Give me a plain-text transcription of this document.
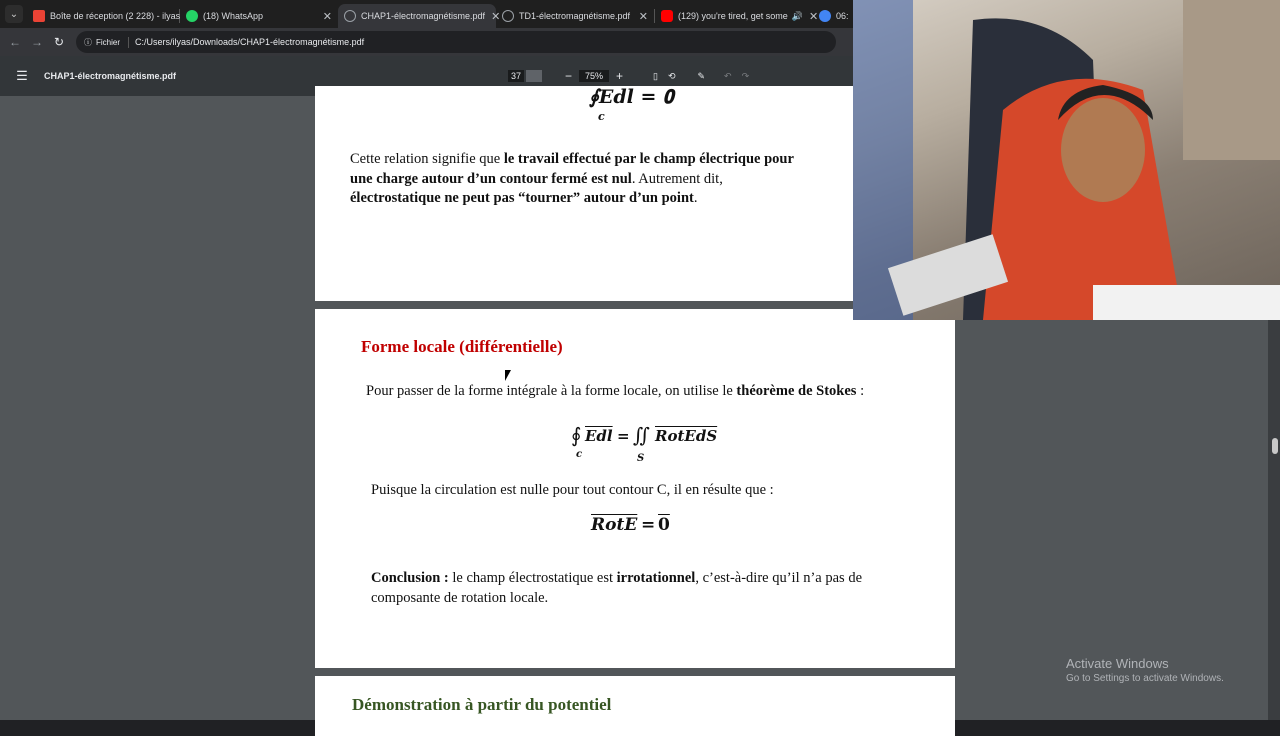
⌄	Boîte de réception (2 228) - ilyas	(18) WhatsApp	✕	CHAP1-électromagnétisme.pdf ✕ TD1-électromagnétisme.pdf ✕	(129) you're tired, get some 🔊 ✕ 06:
← → ↻	ⓘ Fichier C:/Users/ilyas/Downloads/CHAP1-électromagnétisme.pdf
☰	CHAP1-électromagnétisme.pdf	37	−	75%	+	▯	⟲	✎	↶	↷
∮𝑬𝒅𝒍 = 𝟎
c
Cette relation signifie que le travail effectué par le champ électrique pour
une charge autour d’un contour fermé est nul. Autrement dit,
électrostatique ne peut pas “tourner” autour d’un point.
Forme locale (différentielle)
Pour passer de la forme intégrale à la forme locale, on utilise le théorème de Stokes :
∮
c
$\overline{Edl}$ = ∬
S
RotEdS
Puisque la circulation est nulle pour tout contour C, il en résulte que :
RotE = 0
Conclusion : le champ électrostatique est irrotationnel, c’est-à-dire qu’il n’a pas de
composante de rotation locale.
Démonstration à partir du potentiel
Activate Windows
Go to Settings to activate Windows.
